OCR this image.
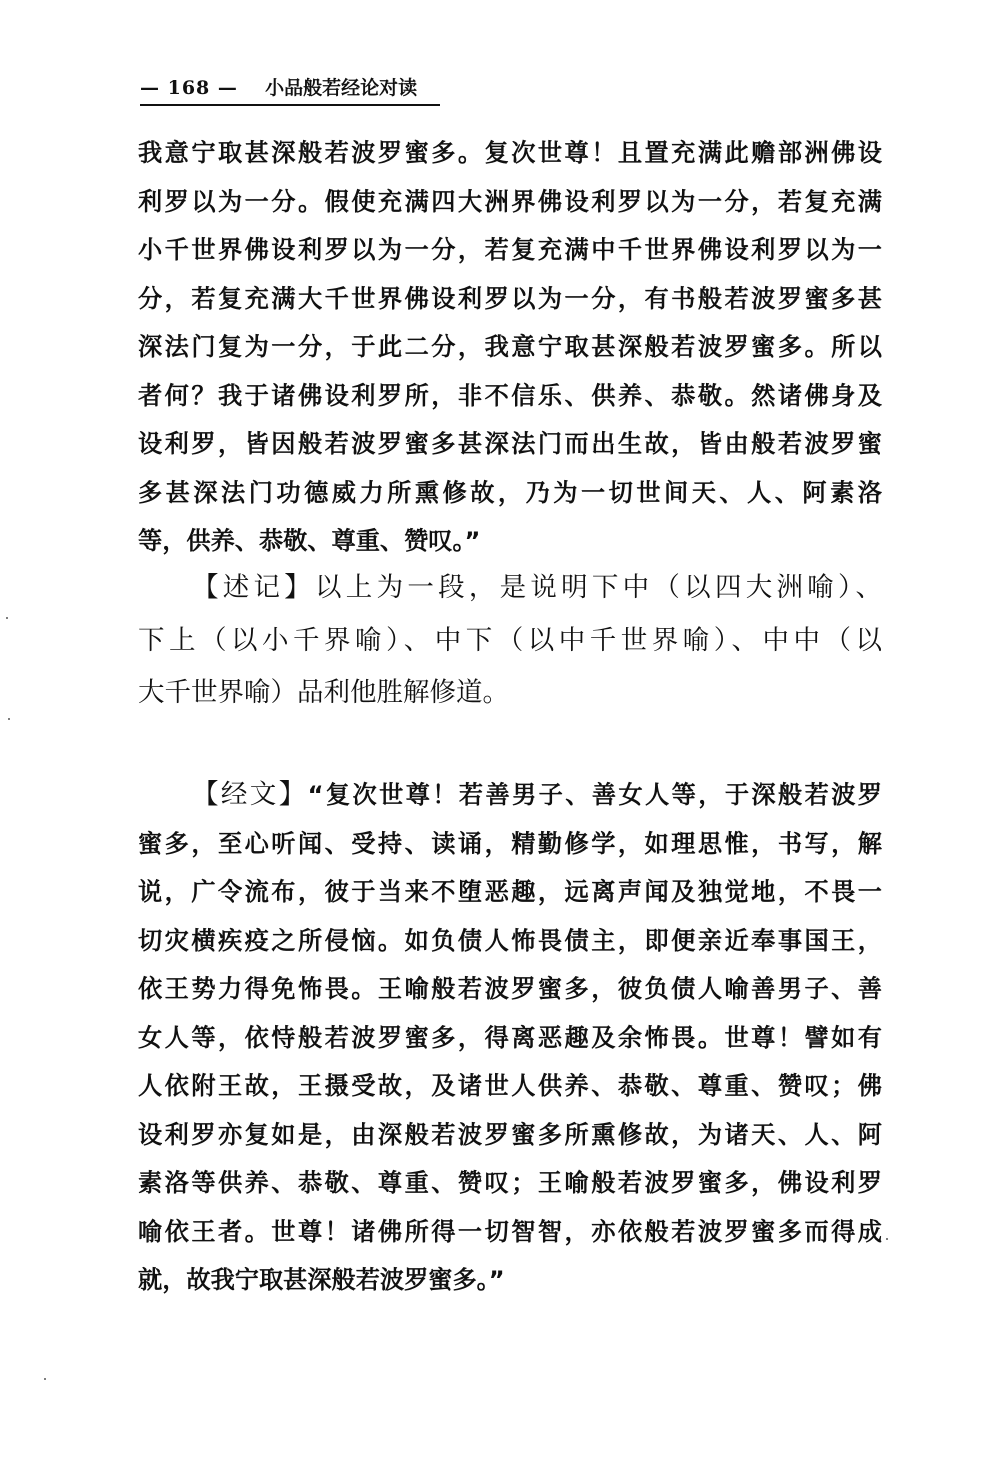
— 168 — 小品般若经论对读
我意宁取甚深般若波罗蜜多。复次世尊！且置充满此赡部洲佛设
利罗以为一分。假使充满四大洲界佛设利罗以为一分，若复充满
小千世界佛设利罗以为一分，若复充满中千世界佛设利罗以为一
分，若复充满大千世界佛设利罗以为一分，有书般若波罗蜜多甚
深法门复为一分，于此二分，我意宁取甚深般若波罗蜜多。所以
者何？我于诸佛设利罗所，非不信乐、供养、恭敬。然诸佛身及
设利罗，皆因般若波罗蜜多甚深法门而出生故，皆由般若波罗蜜
多甚深法门功德威力所熏修故，乃为一切世间天、人、阿素洛
等，供养、恭敬、尊重、赞叹。”
【述记】以上为一段，是说明下中（以四大洲喻）、
下上（以小千界喻）、中下（以中千世界喻）、中中（以
大千世界喻）品利他胜解修道。
【经文】“复次世尊！若善男子、善女人等，于深般若波罗
蜜多，至心听闻、受持、读诵，精勤修学，如理思惟，书写，解
说，广令流布，彼于当来不堕恶趣，远离声闻及独觉地，不畏一
切灾横疾疫之所侵恼。如负债人怖畏债主，即便亲近奉事国王，
依王势力得免怖畏。王喻般若波罗蜜多，彼负债人喻善男子、善
女人等，依恃般若波罗蜜多，得离恶趣及余怖畏。世尊！譬如有
人依附王故，王摄受故，及诸世人供养、恭敬、尊重、赞叹；佛
设利罗亦复如是，由深般若波罗蜜多所熏修故，为诸天、人、阿
素洛等供养、恭敬、尊重、赞叹；王喻般若波罗蜜多，佛设利罗
喻依王者。世尊！诸佛所得一切智智，亦依般若波罗蜜多而得成
就，故我宁取甚深般若波罗蜜多。”
